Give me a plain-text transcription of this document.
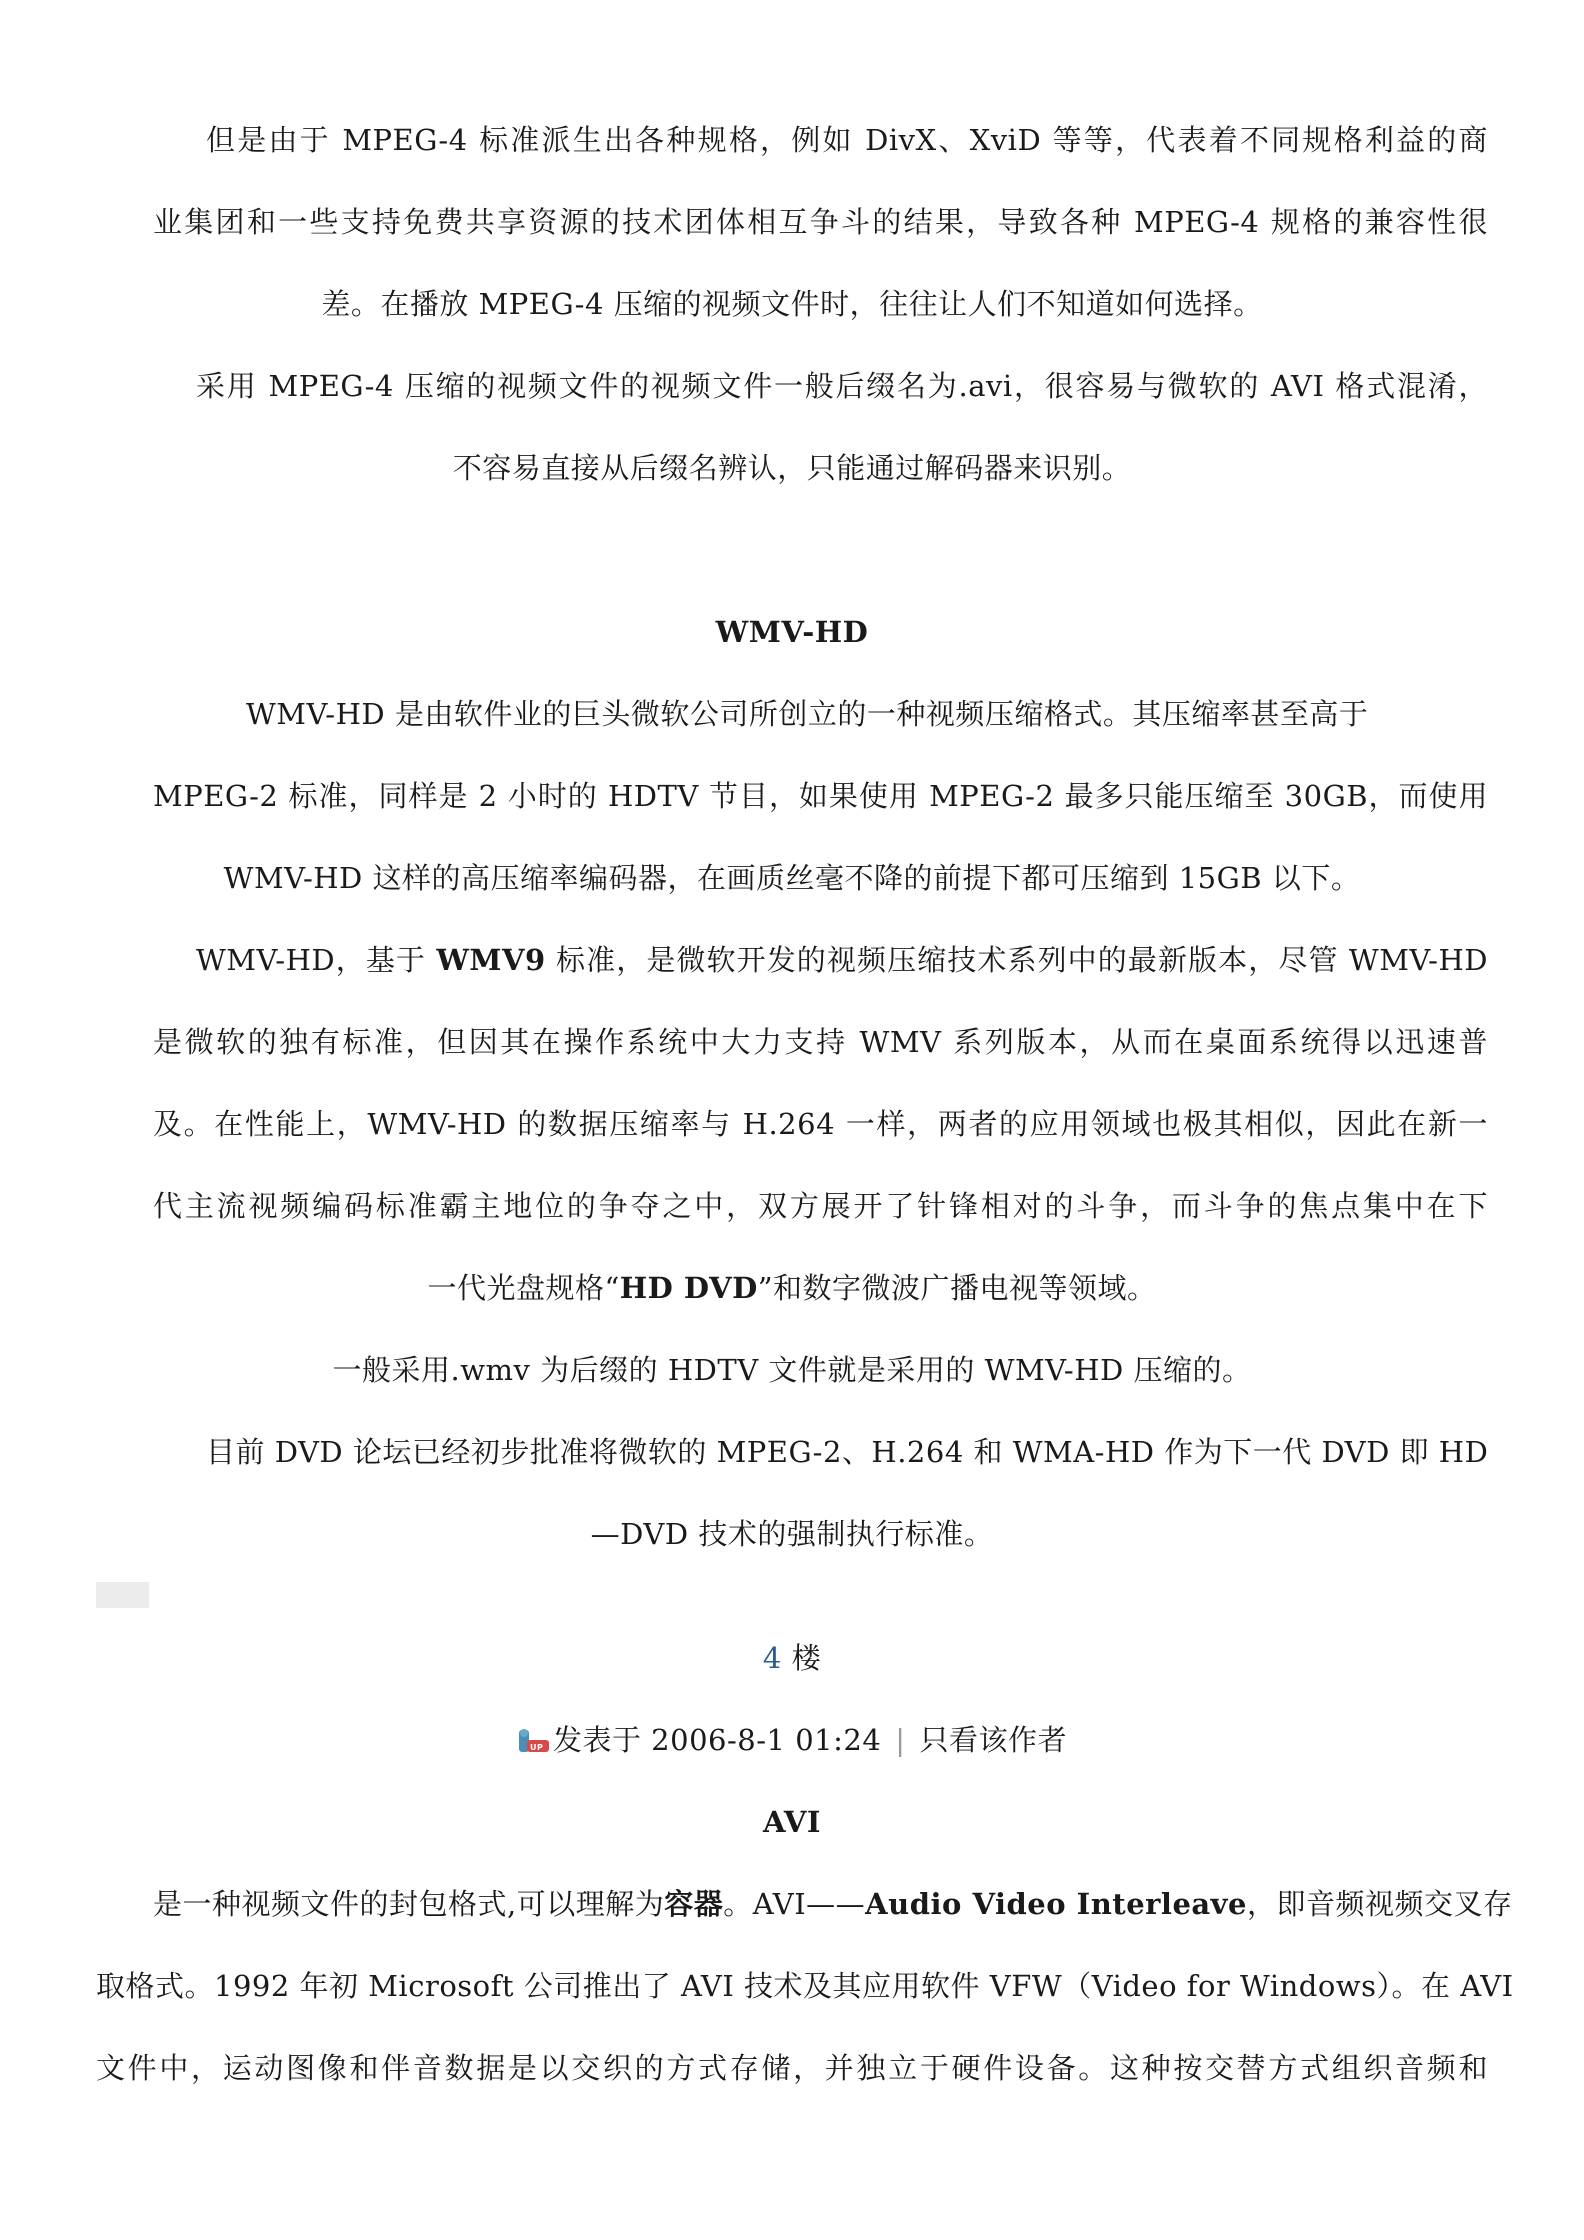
但是由于 MPEG-4 标准派生出各种规格，例如 DivX、XviD 等等，代表着不同规格利益的商
业集团和一些支持免费共享资源的技术团体相互争斗的结果，导致各种 MPEG-4 规格的兼容性很
差。在播放 MPEG-4 压缩的视频文件时，往往让人们不知道如何选择。
采用 MPEG-4 压缩的视频文件的视频文件一般后缀名为.avi，很容易与微软的 AVI 格式混淆，
不容易直接从后缀名辨认，只能通过解码器来识别。
WMV-HD
WMV-HD 是由软件业的巨头微软公司所创立的一种视频压缩格式。其压缩率甚至高于
MPEG-2 标准，同样是 2 小时的 HDTV 节目，如果使用 MPEG-2 最多只能压缩至 30GB，而使用
WMV-HD 这样的高压缩率编码器，在画质丝毫不降的前提下都可压缩到 15GB 以下。
WMV-HD，基于 WMV9 标准，是微软开发的视频压缩技术系列中的最新版本，尽管 WMV-HD
是微软的独有标准，但因其在操作系统中大力支持 WMV 系列版本，从而在桌面系统得以迅速普
及。在性能上，WMV-HD 的数据压缩率与 H.264 一样，两者的应用领域也极其相似，因此在新一
代主流视频编码标准霸主地位的争夺之中，双方展开了针锋相对的斗争，而斗争的焦点集中在下
一代光盘规格“HD DVD”和数字微波广播电视等领域。
一般采用.wmv 为后缀的 HDTV 文件就是采用的 WMV-HD 压缩的。
目前 DVD 论坛已经初步批准将微软的 MPEG-2、H.264 和 WMA-HD 作为下一代 DVD 即 HD
—DVD 技术的强制执行标准。
4 楼
UP 发表于 2006-8-1 01:24 | 只看该作者
AVI
是一种视频文件的封包格式,可以理解为容器。AVI——Audio Video Interleave，即音频视频交叉存
取格式。1992 年初 Microsoft 公司推出了 AVI 技术及其应用软件 VFW（Video for Windows）。在 AVI
文件中，运动图像和伴音数据是以交织的方式存储，并独立于硬件设备。这种按交替方式组织音频和
